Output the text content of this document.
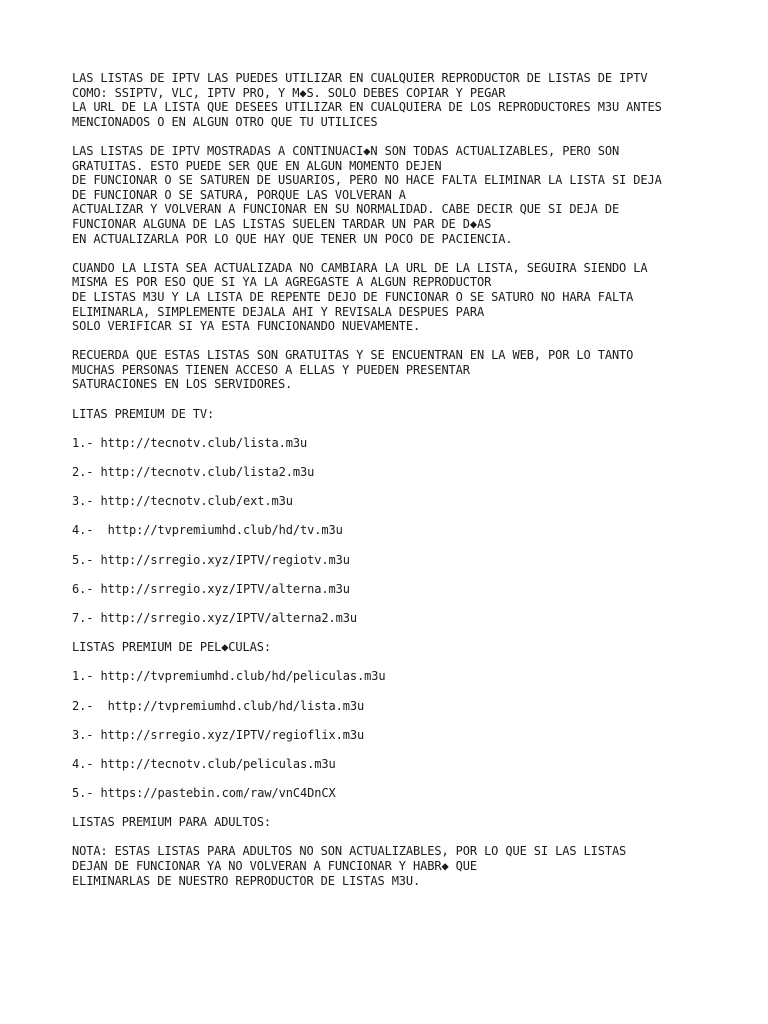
LAS LISTAS DE IPTV LAS PUEDES UTILIZAR EN CUALQUIER REPRODUCTOR DE LISTAS DE IPTV
COMO: SSIPTV, VLC, IPTV PRO, Y M◆S. SOLO DEBES COPIAR Y PEGAR
LA URL DE LA LISTA QUE DESEES UTILIZAR EN CUALQUIERA DE LOS REPRODUCTORES M3U ANTES
MENCIONADOS O EN ALGUN OTRO QUE TU UTILICES
LAS LISTAS DE IPTV MOSTRADAS A CONTINUACI◆N SON TODAS ACTUALIZABLES, PERO SON
GRATUITAS. ESTO PUEDE SER QUE EN ALGUN MOMENTO DEJEN
DE FUNCIONAR O SE SATUREN DE USUARIOS, PERO NO HACE FALTA ELIMINAR LA LISTA SI DEJA
DE FUNCIONAR O SE SATURA, PORQUE LAS VOLVERAN A
ACTUALIZAR Y VOLVERAN A FUNCIONAR EN SU NORMALIDAD. CABE DECIR QUE SI DEJA DE
FUNCIONAR ALGUNA DE LAS LISTAS SUELEN TARDAR UN PAR DE D◆AS
EN ACTUALIZARLA POR LO QUE HAY QUE TENER UN POCO DE PACIENCIA.
CUANDO LA LISTA SEA ACTUALIZADA NO CAMBIARA LA URL DE LA LISTA, SEGUIRA SIENDO LA
MISMA ES POR ESO QUE SI YA LA AGREGASTE A ALGUN REPRODUCTOR
DE LISTAS M3U Y LA LISTA DE REPENTE DEJO DE FUNCIONAR O SE SATURO NO HARA FALTA
ELIMINARLA, SIMPLEMENTE DEJALA AHI Y REVISALA DESPUES PARA
SOLO VERIFICAR SI YA ESTA FUNCIONANDO NUEVAMENTE.
RECUERDA QUE ESTAS LISTAS SON GRATUITAS Y SE ENCUENTRAN EN LA WEB, POR LO TANTO
MUCHAS PERSONAS TIENEN ACCESO A ELLAS Y PUEDEN PRESENTAR
SATURACIONES EN LOS SERVIDORES.
LITAS PREMIUM DE TV:
1.- http://tecnotv.club/lista.m3u
2.- http://tecnotv.club/lista2.m3u
3.- http://tecnotv.club/ext.m3u
4.-  http://tvpremiumhd.club/hd/tv.m3u
5.- http://srregio.xyz/IPTV/regiotv.m3u
6.- http://srregio.xyz/IPTV/alterna.m3u
7.- http://srregio.xyz/IPTV/alterna2.m3u
LISTAS PREMIUM DE PEL◆CULAS:
1.- http://tvpremiumhd.club/hd/peliculas.m3u
2.-  http://tvpremiumhd.club/hd/lista.m3u
3.- http://srregio.xyz/IPTV/regioflix.m3u
4.- http://tecnotv.club/peliculas.m3u
5.- https://pastebin.com/raw/vnC4DnCX
LISTAS PREMIUM PARA ADULTOS:
NOTA: ESTAS LISTAS PARA ADULTOS NO SON ACTUALIZABLES, POR LO QUE SI LAS LISTAS
DEJAN DE FUNCIONAR YA NO VOLVERAN A FUNCIONAR Y HABR◆ QUE
ELIMINARLAS DE NUESTRO REPRODUCTOR DE LISTAS M3U.
